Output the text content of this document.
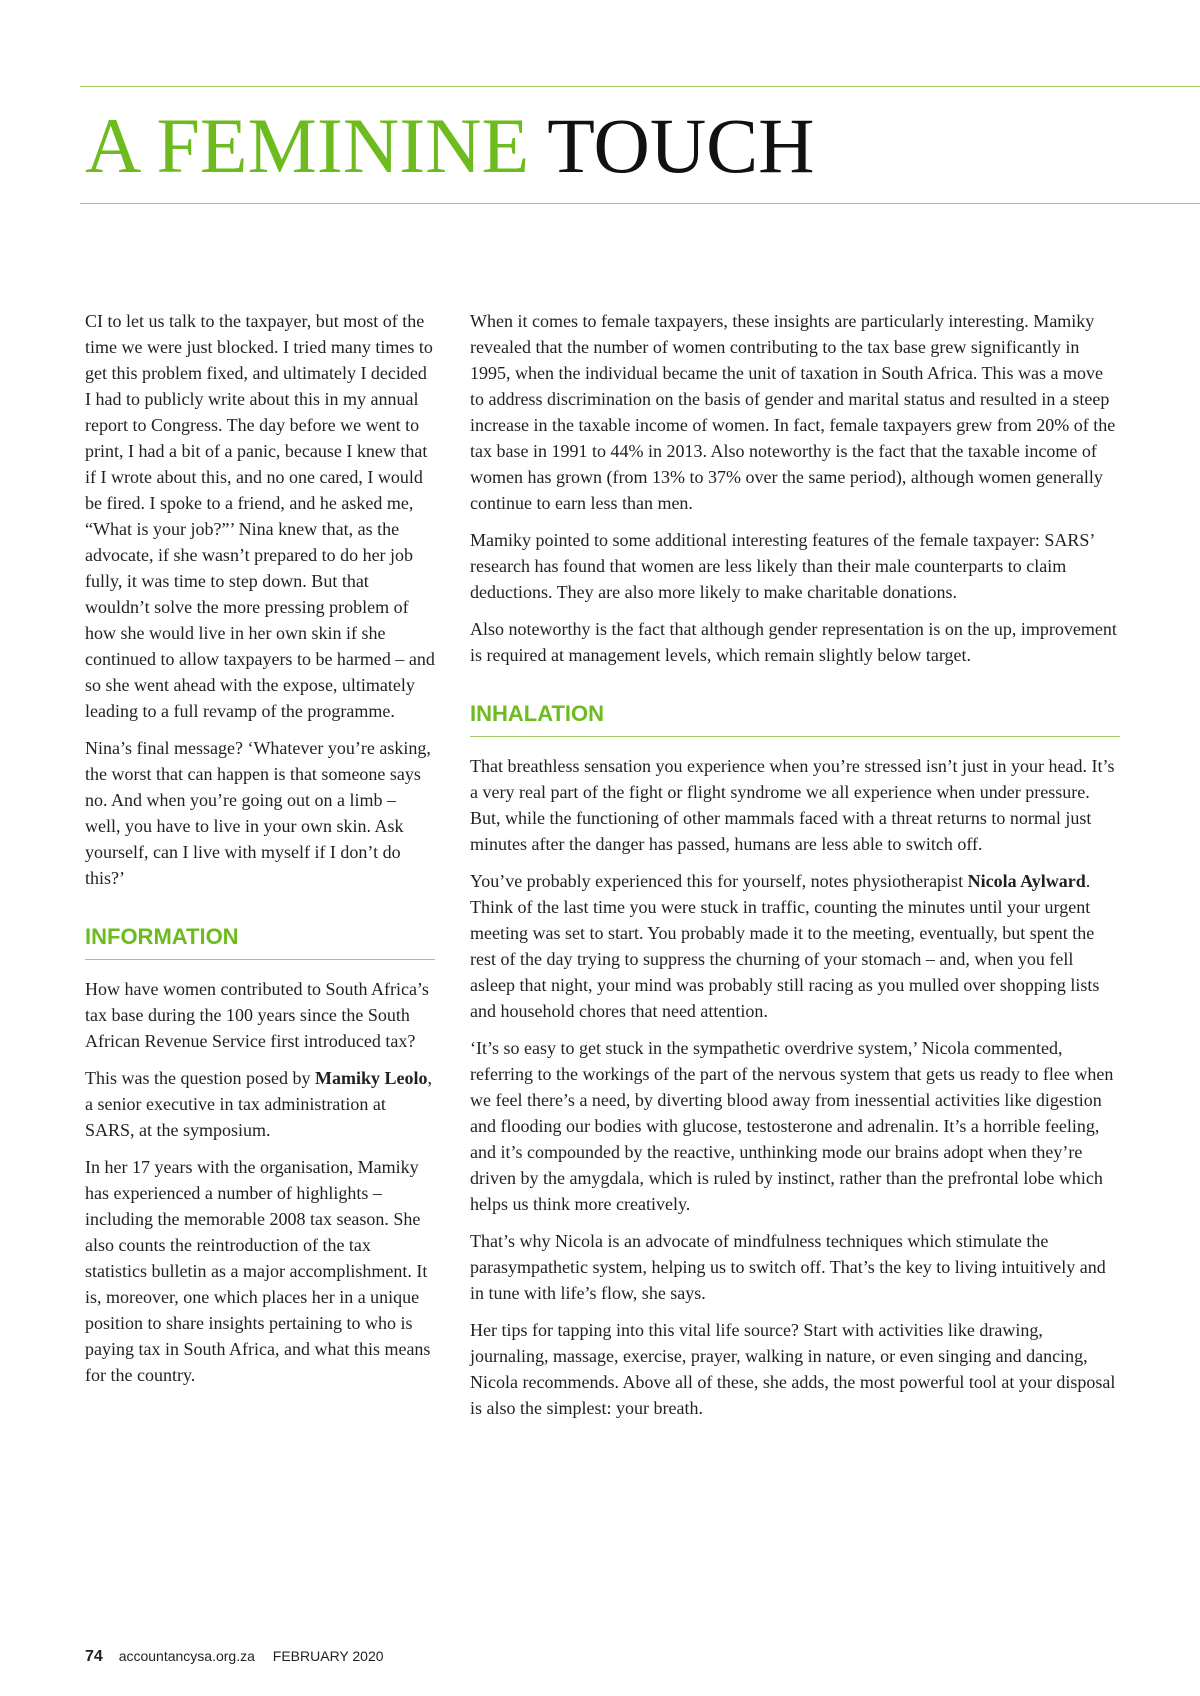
A FEMININE TOUCH

CI to let us talk to the taxpayer, but most of the time we were just blocked. I tried many times to get this problem fixed, and ultimately I decided I had to publicly write about this in my annual report to Congress. The day before we went to print, I had a bit of a panic, because I knew that if I wrote about this, and no one cared, I would be fired. I spoke to a friend, and he asked me, “What is your job?”’ Nina knew that, as the advocate, if she wasn’t prepared to do her job fully, it was time to step down. But that wouldn’t solve the more pressing problem of how she would live in her own skin if she continued to allow taxpayers to be harmed – and so she went ahead with the expose, ultimately leading to a full revamp of the programme.

Nina’s final message? ‘Whatever you’re asking, the worst that can happen is that someone says no. And when you’re going out on a limb – well, you have to live in your own skin. Ask yourself, can I live with myself if I don’t do this?’

INFORMATION

How have women contributed to South Africa’s tax base during the 100 years since the South African Revenue Service first introduced tax?

This was the question posed by Mamiky Leolo, a senior executive in tax administration at SARS, at the symposium.

In her 17 years with the organisation, Mamiky has experienced a number of highlights – including the memorable 2008 tax season. She also counts the reintroduction of the tax statistics bulletin as a major accomplishment. It is, moreover, one which places her in a unique position to share insights pertaining to who is paying tax in South Africa, and what this means for the country.

When it comes to female taxpayers, these insights are particularly interesting. Mamiky revealed that the number of women contributing to the tax base grew significantly in 1995, when the individual became the unit of taxation in South Africa. This was a move to address discrimination on the basis of gender and marital status and resulted in a steep increase in the taxable income of women. In fact, female taxpayers grew from 20% of the tax base in 1991 to 44% in 2013. Also noteworthy is the fact that the taxable income of women has grown (from 13% to 37% over the same period), although women generally continue to earn less than men.

Mamiky pointed to some additional interesting features of the female taxpayer: SARS’ research has found that women are less likely than their male counterparts to claim deductions. They are also more likely to make charitable donations.

Also noteworthy is the fact that although gender representation is on the up, improvement is required at management levels, which remain slightly below target.

INHALATION

That breathless sensation you experience when you’re stressed isn’t just in your head. It’s a very real part of the fight or flight syndrome we all experience when under pressure. But, while the functioning of other mammals faced with a threat returns to normal just minutes after the danger has passed, humans are less able to switch off.

You’ve probably experienced this for yourself, notes physiotherapist Nicola Aylward. Think of the last time you were stuck in traffic, counting the minutes until your urgent meeting was set to start. You probably made it to the meeting, eventually, but spent the rest of the day trying to suppress the churning of your stomach – and, when you fell asleep that night, your mind was probably still racing as you mulled over shopping lists and household chores that need attention.

‘It’s so easy to get stuck in the sympathetic overdrive system,’ Nicola commented, referring to the workings of the part of the nervous system that gets us ready to flee when we feel there’s a need, by diverting blood away from inessential activities like digestion and flooding our bodies with glucose, testosterone and adrenalin. It’s a horrible feeling, and it’s compounded by the reactive, unthinking mode our brains adopt when they’re driven by the amygdala, which is ruled by instinct, rather than the prefrontal lobe which helps us think more creatively.

That’s why Nicola is an advocate of mindfulness techniques which stimulate the parasympathetic system, helping us to switch off. That’s the key to living intuitively and in tune with life’s flow, she says.

Her tips for tapping into this vital life source? Start with activities like drawing, journaling, massage, exercise, prayer, walking in nature, or even singing and dancing, Nicola recommends. Above all of these, she adds, the most powerful tool at your disposal is also the simplest: your breath.

74 accountancysa.org.za FEBRUARY 2020
